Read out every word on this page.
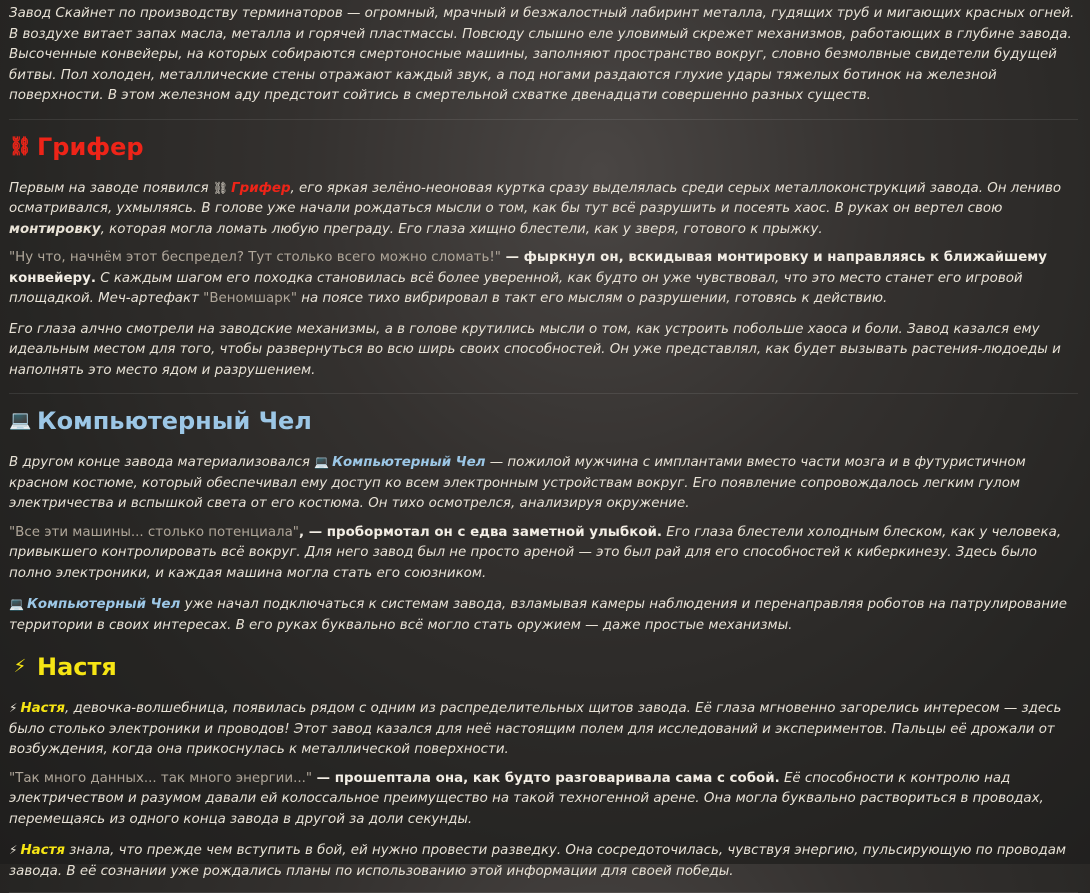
Завод Скайнет по производству терминаторов — огромный, мрачный и безжалостный лабиринт металла, гудящих труб и мигающих красных огней. В воздухе витает запах масла, металла и горячей пластмассы. Повсюду слышно еле уловимый скрежет механизмов, работающих в глубине завода. Высоченные конвейеры, на которых собираются смертоносные машины, заполняют пространство вокруг, словно безмолвные свидетели будущей битвы. Пол холоден, металлические стены отражают каждый звук, а под ногами раздаются глухие удары тяжелых ботинок на железной поверхности. В этом железном аду предстоит сойтись в смертельной схватке двенадцати совершенно разных существ.

⛓ Грифер

Первым на заводе появился ⛓ Грифер, его яркая зелёно-неоновая куртка сразу выделялась среди серых металлоконструкций завода. Он лениво осматривался, ухмыляясь. В голове уже начали рождаться мысли о том, как бы тут всё разрушить и посеять хаос. В руках он вертел свою монтировку, которая могла ломать любую преграду. Его глаза хищно блестели, как у зверя, готового к прыжку.

"Ну что, начнём этот беспредел? Тут столько всего можно сломать!" — фыркнул он, вскидывая монтировку и направляясь к ближайшему конвейеру. С каждым шагом его походка становилась всё более уверенной, как будто он уже чувствовал, что это место станет его игровой площадкой. Меч-артефакт "Веномшарк" на поясе тихо вибрировал в такт его мыслям о разрушении, готовясь к действию.

Его глаза алчно смотрели на заводские механизмы, а в голове крутились мысли о том, как устроить побольше хаоса и боли. Завод казался ему идеальным местом для того, чтобы развернуться во всю ширь своих способностей. Он уже представлял, как будет вызывать растения-людоеды и наполнять это место ядом и разрушением.

💻 Компьютерный Чел

В другом конце завода материализовался 💻 Компьютерный Чел — пожилой мужчина с имплантами вместо части мозга и в футуристичном красном костюме, который обеспечивал ему доступ ко всем электронным устройствам вокруг. Его появление сопровождалось легким гулом электричества и вспышкой света от его костюма. Он тихо осмотрелся, анализируя окружение.

"Все эти машины... столько потенциала", — пробормотал он с едва заметной улыбкой. Его глаза блестели холодным блеском, как у человека, привыкшего контролировать всё вокруг. Для него завод был не просто ареной — это был рай для его способностей к киберкинезу. Здесь было полно электроники, и каждая машина могла стать его союзником.

💻 Компьютерный Чел уже начал подключаться к системам завода, взламывая камеры наблюдения и перенаправляя роботов на патрулирование территории в своих интересах. В его руках буквально всё могло стать оружием — даже простые механизмы.

⚡ Настя

⚡ Настя, девочка-волшебница, появилась рядом с одним из распределительных щитов завода. Её глаза мгновенно загорелись интересом — здесь было столько электроники и проводов! Этот завод казался для неё настоящим полем для исследований и экспериментов. Пальцы её дрожали от возбуждения, когда она прикоснулась к металлической поверхности.

"Так много данных... так много энергии..." — прошептала она, как будто разговаривала сама с собой. Её способности к контролю над электричеством и разумом давали ей колоссальное преимущество на такой техногенной арене. Она могла буквально раствориться в проводах, перемещаясь из одного конца завода в другой за доли секунды.

⚡ Настя знала, что прежде чем вступить в бой, ей нужно провести разведку. Она сосредоточилась, чувствуя энергию, пульсирующую по проводам завода. В её сознании уже рождались планы по использованию этой информации для своей победы.
